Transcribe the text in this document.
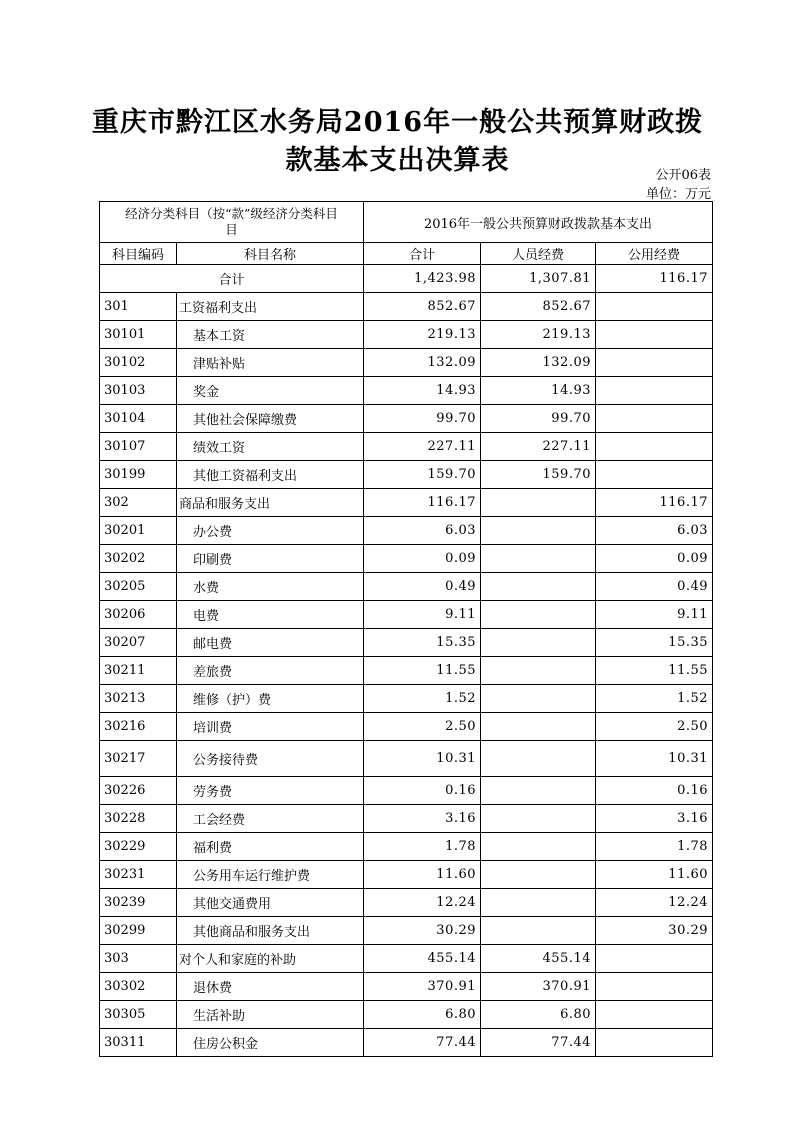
重庆市黔江区水务局2016年一般公共预算财政拨
款基本支出决算表	公开06表
单位：万元
经济分类科目（按“款”级经济分类科目
目		2016年一般公共预算财政拨款基本支出		
科目编码	科目名称	合计	人员经费	公用经费
合计		1,423.98	1,307.81	116.17
301	工资福利支出	852.67	852.67	
30101	基本工资	219.13	219.13	
30102	津贴补贴	132.09	132.09	
30103	奖金	14.93	14.93	
30104	其他社会保障缴费	99.70	99.70	
30107	绩效工资	227.11	227.11	
30199	其他工资福利支出	159.70	159.70	
302	商品和服务支出	116.17		116.17
30201	办公费	6.03		6.03
30202	印刷费	0.09		0.09
30205	水费	0.49		0.49
30206	电费	9.11		9.11
30207	邮电费	15.35		15.35
30211	差旅费	11.55		11.55
30213	维修（护）费	1.52		1.52
30216	培训费	2.50		2.50
30217	公务接待费	10.31		10.31
30226	劳务费	0.16		0.16
30228	工会经费	3.16		3.16
30229	福利费	1.78		1.78
30231	公务用车运行维护费	11.60		11.60
30239	其他交通费用	12.24		12.24
30299	其他商品和服务支出	30.29		30.29
303	对个人和家庭的补助	455.14	455.14	
30302	退休费	370.91	370.91	
30305	生活补助	6.80	6.80	
30311	住房公积金	77.44	77.44	
